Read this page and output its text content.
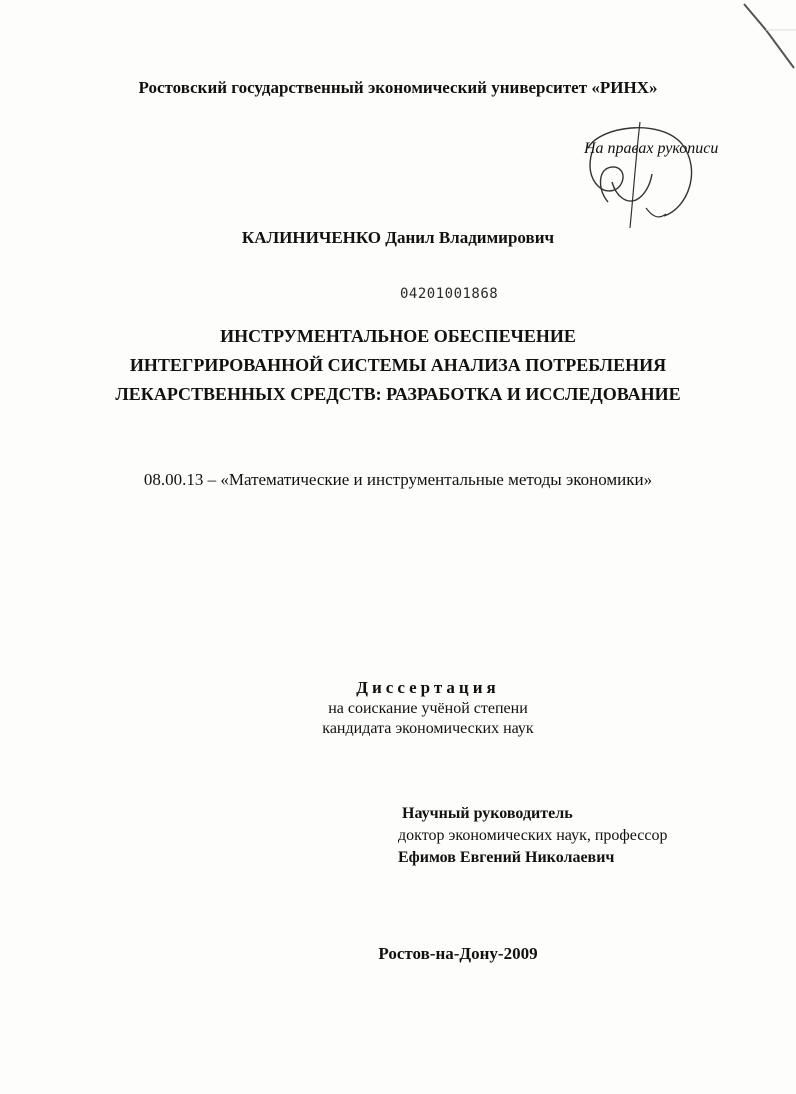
Ростовский государственный экономический университет «РИНХ»
На правах рукописи
КАЛИНИЧЕНКО Данил Владимирович
04201001868
ИНСТРУМЕНТАЛЬНОЕ ОБЕСПЕЧЕНИЕ
ИНТЕГРИРОВАННОЙ СИСТЕМЫ АНАЛИЗА ПОТРЕБЛЕНИЯ
ЛЕКАРСТВЕННЫХ СРЕДСТВ: РАЗРАБОТКА И ИССЛЕДОВАНИЕ
08.00.13 – «Математические и инструментальные методы экономики»
Диссертация
на соискание учёной степени
кандидата экономических наук
Научный руководитель
доктор экономических наук, профессор
Ефимов Евгений Николаевич
Ростов-на-Дону-2009
